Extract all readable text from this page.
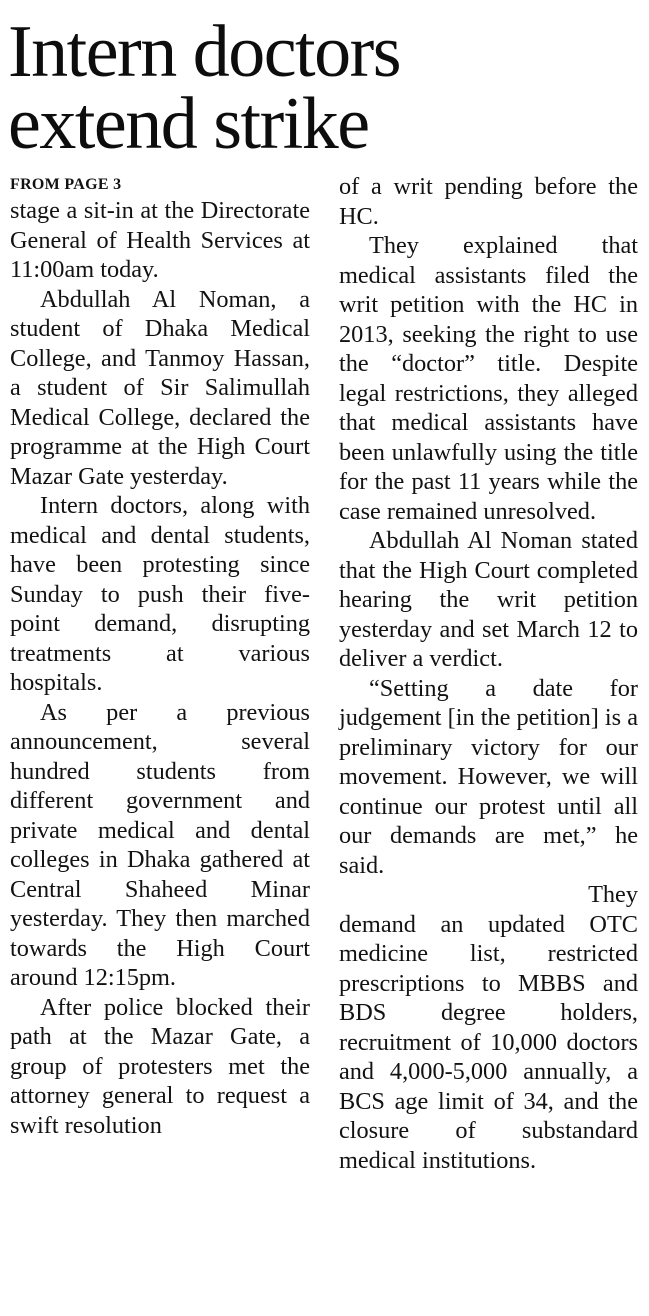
Intern doctors
extend strike
FROM PAGE 3

stage a sit-in at the Directorate General of Health Services at 11:00am today.

Abdullah Al Noman, a student of Dhaka Medical College, and Tanmoy Hassan, a student of Sir Salimullah Medical College, declared the programme at the High Court Mazar Gate yesterday.

Intern doctors, along with medical and dental students, have been protesting since Sunday to push their five-point demand, disrupting treatments at various hospitals.

As per a previous announcement, several hundred students from different government and private medical and dental colleges in Dhaka gathered at Central Shaheed Minar yesterday. They then marched towards the High Court around 12:15pm.

After police blocked their path at the Mazar Gate, a group of protesters met the attorney general to request a swift resolution

of a writ pending before the HC.

They explained that medical assistants filed the writ petition with the HC in 2013, seeking the right to use the “doctor” title. Despite legal restrictions, they alleged that medical assistants have been unlawfully using the title for the past 11 years while the case remained unresolved.

Abdullah Al Noman stated that the High Court completed hearing the writ petition yesterday and set March 12 to deliver a verdict.

“Setting a date for judgement [in the petition] is a preliminary victory for our movement. However, we will continue our protest until all our demands are met,” he said.

They

demand an updated OTC medicine list, restricted prescriptions to MBBS and BDS degree holders, recruitment of 10,000 doctors and 4,000-5,000 annually, a BCS age limit of 34, and the closure of substandard medical institutions.
